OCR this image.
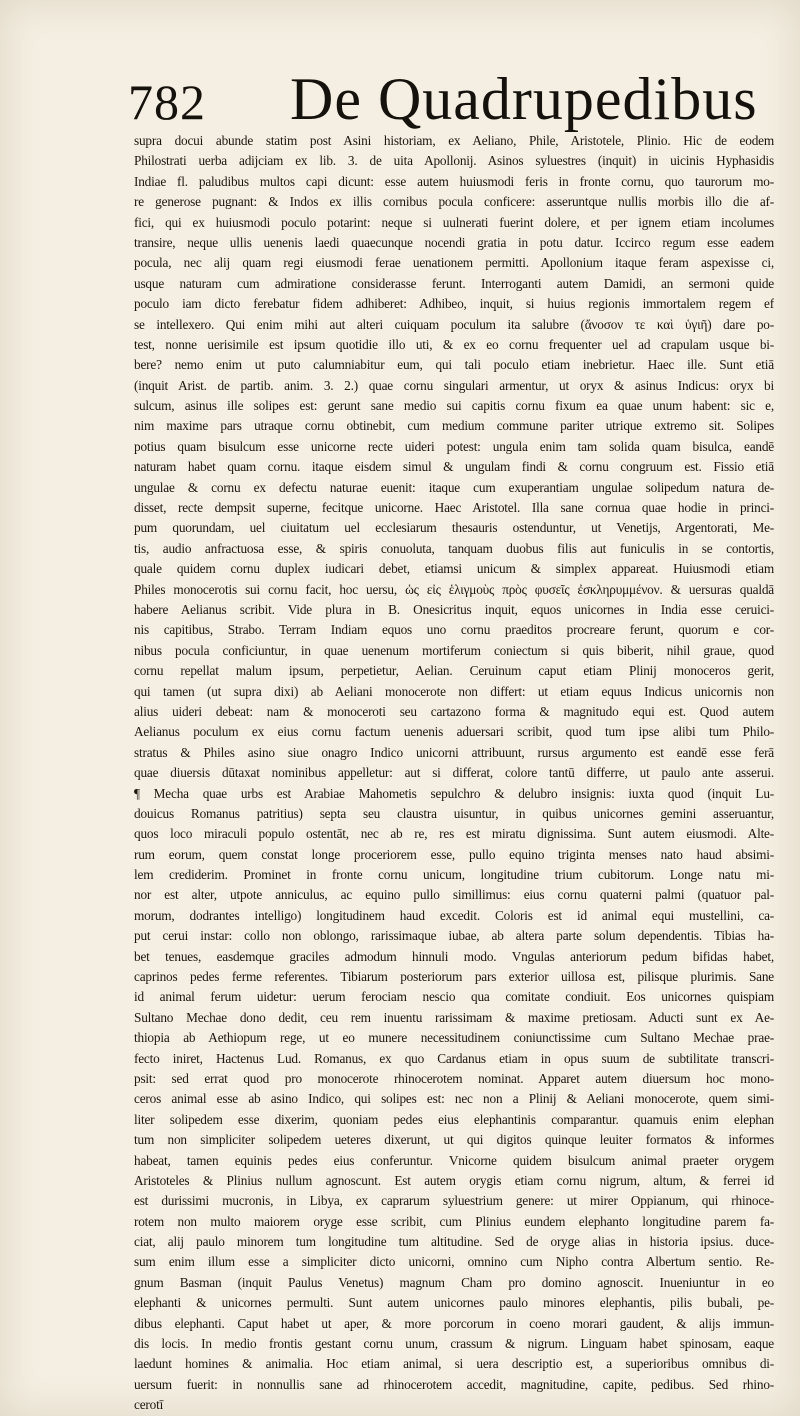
782 De Quadrupedibus
supra docui abunde statim post Asini historiam, ex Aeliano, Phile, Aristotele, Plinio. Hic de eodem
Philostrati uerba adijciam ex lib. 3. de uita Apollonij. Asinos syluestres (inquit) in uicinis Hyphasidis
Indiae fl. paludibus multos capi dicunt: esse autem huiusmodi feris in fronte cornu, quo taurorum mo-
re generose pugnant: & Indos ex illis cornibus pocula conficere: asseruntque nullis morbis illo die af-
fici, qui ex huiusmodi poculo potarint: neque si uulnerati fuerint dolere, et per ignem etiam incolumes
transire, neque ullis uenenis laedi quaecunque nocendi gratia in potu datur. Iccirco regum esse eadem
pocula, nec alij quam regi eiusmodi ferae uenationem permitti. Apollonium itaque feram aspexisse ci,
usque naturam cum admiratione considerasse ferunt. Interroganti autem Damidi, an sermoni quide
poculo iam dicto ferebatur fidem adhiberet: Adhibeo, inquit, si huius regionis immortalem regem ef
se intellexero. Qui enim mihi aut alteri cuiquam poculum ita salubre (ἄνοσον τε καὶ ὑγιῆ) dare po-
test, nonne uerisimile est ipsum quotidie illo uti, & ex eo cornu frequenter uel ad crapulam usque bi-
bere? nemo enim ut puto calumniabitur eum, qui tali poculo etiam inebrietur. Haec ille. Sunt etiā
(inquit Arist. de partib. anim. 3. 2.) quae cornu singulari armentur, ut oryx & asinus Indicus: oryx bi
sulcum, asinus ille solipes est: gerunt sane medio sui capitis cornu fixum ea quae unum habent: sic e,
nim maxime pars utraque cornu obtinebit, cum medium commune pariter utrique extremo sit. Solipes
potius quam bisulcum esse unicorne recte uideri potest: ungula enim tam solida quam bisulca, eandē
naturam habet quam cornu. itaque eisdem simul & ungulam findi & cornu congruum est. Fissio etiā
ungulae & cornu ex defectu naturae euenit: itaque cum exuperantiam ungulae solipedum natura de-
disset, recte dempsit superne, fecitque unicorne. Haec Aristotel. Illa sane cornua quae hodie in princi-
pum quorundam, uel ciuitatum uel ecclesiarum thesauris ostenduntur, ut Venetijs, Argentorati, Me-
tis, audio anfractuosa esse, & spiris conuoluta, tanquam duobus filis aut funiculis in se contortis,
quale quidem cornu duplex iudicari debet, etiamsi unicum & simplex appareat. Huiusmodi etiam
Philes monocerotis sui cornu facit, hoc uersu, ὡς εἰς ἑλιγμοὺς πρὸς φυσεῖς ἐσκληρυμμένον. & uersuras qualdā
habere Aelianus scribit. Vide plura in B. Onesicritus inquit, equos unicornes in India esse ceruici-
nis capitibus, Strabo. Terram Indiam equos uno cornu praeditos procreare ferunt, quorum e cor-
nibus pocula conficiuntur, in quae uenenum mortiferum coniectum si quis biberit, nihil graue, quod
cornu repellat malum ipsum, perpetietur, Aelian. Ceruinum caput etiam Plinij monoceros gerit,
qui tamen (ut supra dixi) ab Aeliani monocerote non differt: ut etiam equus Indicus unicornis non
alius uideri debeat: nam & monoceroti seu cartazono forma & magnitudo equi est. Quod autem
Aelianus poculum ex eius cornu factum uenenis aduersari scribit, quod tum ipse alibi tum Philo-
stratus & Philes asino siue onagro Indico unicorni attribuunt, rursus argumento est eandē esse ferā
quae diuersis dūtaxat nominibus appelletur: aut si differat, colore tantū differre, ut paulo ante asserui.
¶ Mecha quae urbs est Arabiae Mahometis sepulchro & delubro insignis: iuxta quod (inquit Lu-
douicus Romanus patritius) septa seu claustra uisuntur, in quibus unicornes gemini asseruantur,
quos loco miraculi populo ostentāt, nec ab re, res est miratu dignissima. Sunt autem eiusmodi. Alte-
rum eorum, quem constat longe proceriorem esse, pullo equino triginta menses nato haud absimi-
lem crediderim. Prominet in fronte cornu unicum, longitudine trium cubitorum. Longe natu mi-
nor est alter, utpote anniculus, ac equino pullo simillimus: eius cornu quaterni palmi (quatuor pal-
morum, dodrantes intelligo) longitudinem haud excedit. Coloris est id animal equi mustellini, ca-
put cerui instar: collo non oblongo, rarissimaque iubae, ab altera parte solum dependentis. Tibias ha-
bet tenues, easdemque graciles admodum hinnuli modo. Vngulas anteriorum pedum bifidas habet,
caprinos pedes ferme referentes. Tibiarum posteriorum pars exterior uillosa est, pilisque plurimis. Sane
id animal ferum uidetur: uerum ferociam nescio qua comitate condiuit. Eos unicornes quispiam
Sultano Mechae dono dedit, ceu rem inuentu rarissimam & maxime pretiosam. Aducti sunt ex Ae-
thiopia ab Aethiopum rege, ut eo munere necessitudinem coniunctissime cum Sultano Mechae prae-
fecto iniret, Hactenus Lud. Romanus, ex quo Cardanus etiam in opus suum de subtilitate transcri-
psit: sed errat quod pro monocerote rhinocerotem nominat. Apparet autem diuersum hoc mono-
ceros animal esse ab asino Indico, qui solipes est: nec non a Plinij & Aeliani monocerote, quem simi-
liter solipedem esse dixerim, quoniam pedes eius elephantinis comparantur. quamuis enim elephan
tum non simpliciter solipedem ueteres dixerunt, ut qui digitos quinque leuiter formatos & informes
habeat, tamen equinis pedes eius conferuntur. Vnicorne quidem bisulcum animal praeter orygem
Aristoteles & Plinius nullum agnoscunt. Est autem orygis etiam cornu nigrum, altum, & ferrei id
est durissimi mucronis, in Libya, ex caprarum syluestrium genere: ut mirer Oppianum, qui rhinoce-
rotem non multo maiorem oryge esse scribit, cum Plinius eundem elephanto longitudine parem fa-
ciat, alij paulo minorem tum longitudine tum altitudine. Sed de oryge alias in historia ipsius. duce-
sum enim illum esse a simpliciter dicto unicorni, omnino cum Nipho contra Albertum sentio. Re-
gnum Basman (inquit Paulus Venetus) magnum Cham pro domino agnoscit. Inueniuntur in eo
elephanti & unicornes permulti. Sunt autem unicornes paulo minores elephantis, pilis bubali, pe-
dibus elephanti. Caput habet ut aper, & more porcorum in coeno morari gaudent, & alijs immun-
dis locis. In medio frontis gestant cornu unum, crassum & nigrum. Linguam habet spinosam, eaque
laedunt homines & animalia. Hoc etiam animal, si uera descriptio est, a superioribus omnibus di-
uersum fuerit: in nonnullis sane ad rhinocerotem accedit, magnitudine, capite, pedibus. Sed rhino-
cerotī
